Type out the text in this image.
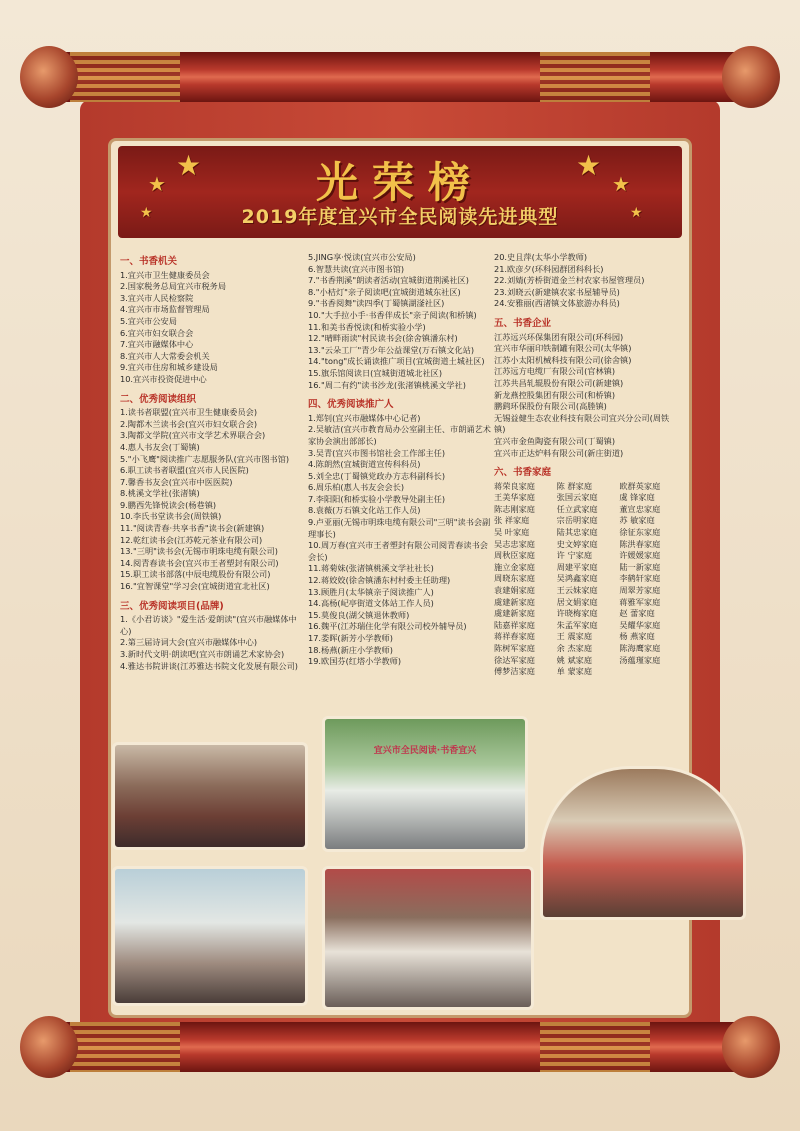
光荣榜
2019年度宜兴市全民阅读先进典型
★
★
★
★
★
★
一、书香机关
1.宜兴市卫生健康委员会
2.国家税务总局宜兴市税务局
3.宜兴市人民检察院
4.宜兴市市场监督管理局
5.宜兴市公安局
6.宜兴市妇女联合会
7.宜兴市融媒体中心
8.宜兴市人大常委会机关
9.宜兴市住房和城乡建设局
10.宜兴市投资促进中心
二、优秀阅读组织
1.读书者联盟(宜兴市卫生健康委员会)
2.陶都木兰读书会(宜兴市妇女联合会)
3.陶都文学院(宜兴市文学艺术界联合会)
4.惠人书友会(丁蜀镇)
5."小飞鹰"阅读推广志愿服务队(宜兴市图书馆)
6.职工读书者联盟(宜兴市人民医院)
7.馨香书友会(宜兴市中医医院)
8.桃溪文学社(张渚镇)
9.鹏西先锋悦读会(杨巷镇)
10.李氏书堂读书会(周铁镇)
11."阅读青春·共享书香"读书会(新建镇)
12.乾红读书会(江苏乾元茶业有限公司)
13."三明"读书会(无锡市明珠电缆有限公司)
14.阅青春读书会(宜兴市王者塑封有限公司)
15.职工读书部落(中辰电缆股份有限公司)
16."宜智课堂"学习会(宜城街道宜北社区)
三、优秀阅读项目(品牌)
1.《小君访谈》"爱生活·爱朗读"(宜兴市融媒体中心)
2.第三届诗词大会(宜兴市融媒体中心)
3.新时代文明·朗读吧(宜兴市朗诵艺术家协会)
4.雅达书院讲谈(江苏雅达书院文化发展有限公司)
5.JING享·悦读(宜兴市公安局)
6.智慧共读(宜兴市图书馆)
7."书香荆溪"朗读者活动(宜城街道荆溪社区)
8."小桔灯"亲子阅读吧(宜城街道城东社区)
9."书香阅舞"读四季(丁蜀镇湖滏社区)
10."大手拉小手·书香伴成长"亲子阅读(和桥镇)
11.和美书香悦读(和桥实验小学)
12."晴畔雨读"村民读书会(徐舍镇潘东村)
13."云朵工厂"青少年公益课堂(万石镇文化站)
14."tong"成长诵读推广项目(宜城街道土城社区)
15.旗乐馆阅读日(宜城街道城北社区)
16."周二有约"读书沙龙(张渚镇桃溪文学社)
四、优秀阅读推广人
1.郑钊(宜兴市融媒体中心记者)
2.吴敏洁(宜兴市教育局办公室副主任、市朗诵艺术家协会演出部部长)
3.吴青(宜兴市图书馆社会工作部主任)
4.陈朗然(宜城街道宣传科科员)
5.刘全忠(丁蜀镇党政办方志科副科长)
6.周乐柏(惠人书友会会长)
7.李阳阳(和桥实验小学教导处副主任)
8.袁薇(万石镇文化站工作人员)
9.卢亚丽(无锡市明珠电缆有限公司"三明"读书会副理事长)
10.周万春(宜兴市王者塑封有限公司阅青春读书会会长)
11.蒋菊妹(张渚镇桃溪文学社社长)
12.蒋姣姣(徐舍镇潘东村村委主任助理)
13.顾胜月(太华镇亲子阅读推广人)
14.高杨(屺亭街道文体站工作人员)
15.莫俊良(湖父镇退休教师)
16.魏平(江苏瑞住化学有限公司校外辅导员)
17.娄晖(新芳小学教师)
18.杨燕(新庄小学教师)
19.欧国芬(红塔小学教师)
20.史且萍(太华小学教师)
21.欧彦夕(环科园群团科科长)
22.刘婧(芳桥街道金兰村农家书屋管理员)
23.刘晓云(新建镇农家书屋辅导员)
24.安雅丽(西渚镇文体旅游办科员)
五、书香企业
江苏远兴环保集团有限公司(环科园)
宜兴市华丽印铁制罐有限公司(太华镇)
江苏小太阳机械科技有限公司(徐舍镇)
江苏远方电缆厂有限公司(官林镇)
江苏共昌轧辊股份有限公司(新建镇)
新龙燕控股集团有限公司(和桥镇)
鹏鹞环保股份有限公司(高塍镇)
无锡益健生态农业科技有限公司宜兴分公司(周铁镇)
宜兴市金鱼陶瓷有限公司(丁蜀镇)
宜兴市正达炉料有限公司(新庄街道)
六、书香家庭
蒋荣良家庭	陈 群家庭	欧群英家庭
王美华家庭	张国云家庭	虞 锋家庭
陈志刚家庭	任立武家庭	董宣忠家庭
张 祥家庭	宗岳明家庭	苏 敏家庭
吴 叶家庭	陆其忠家庭	徐征东家庭
吴志忠家庭	史文婷家庭	陈洪春家庭
周秋臣家庭	许 宁家庭	许媛媛家庭
施立金家庭	周建平家庭	陆一新家庭
周晓东家庭	吴鸿鑫家庭	李鹤轩家庭
袁建娟家庭	王云妹家庭	周翠芳家庭
虞建新家庭	居文娟家庭	蒋雅军家庭
虞建新家庭	许晓梅家庭	赵 蕾家庭
陆嘉祥家庭	朱孟军家庭	吴耀华家庭
蒋祥春家庭	王 震家庭	杨 燕家庭
陈树军家庭	余 杰家庭	陈海鹰家庭
徐达军家庭	姚 斌家庭	汤蕴瑾家庭
傅梦洁家庭	单 蒙家庭
宜兴市全民阅读·书香宜兴
